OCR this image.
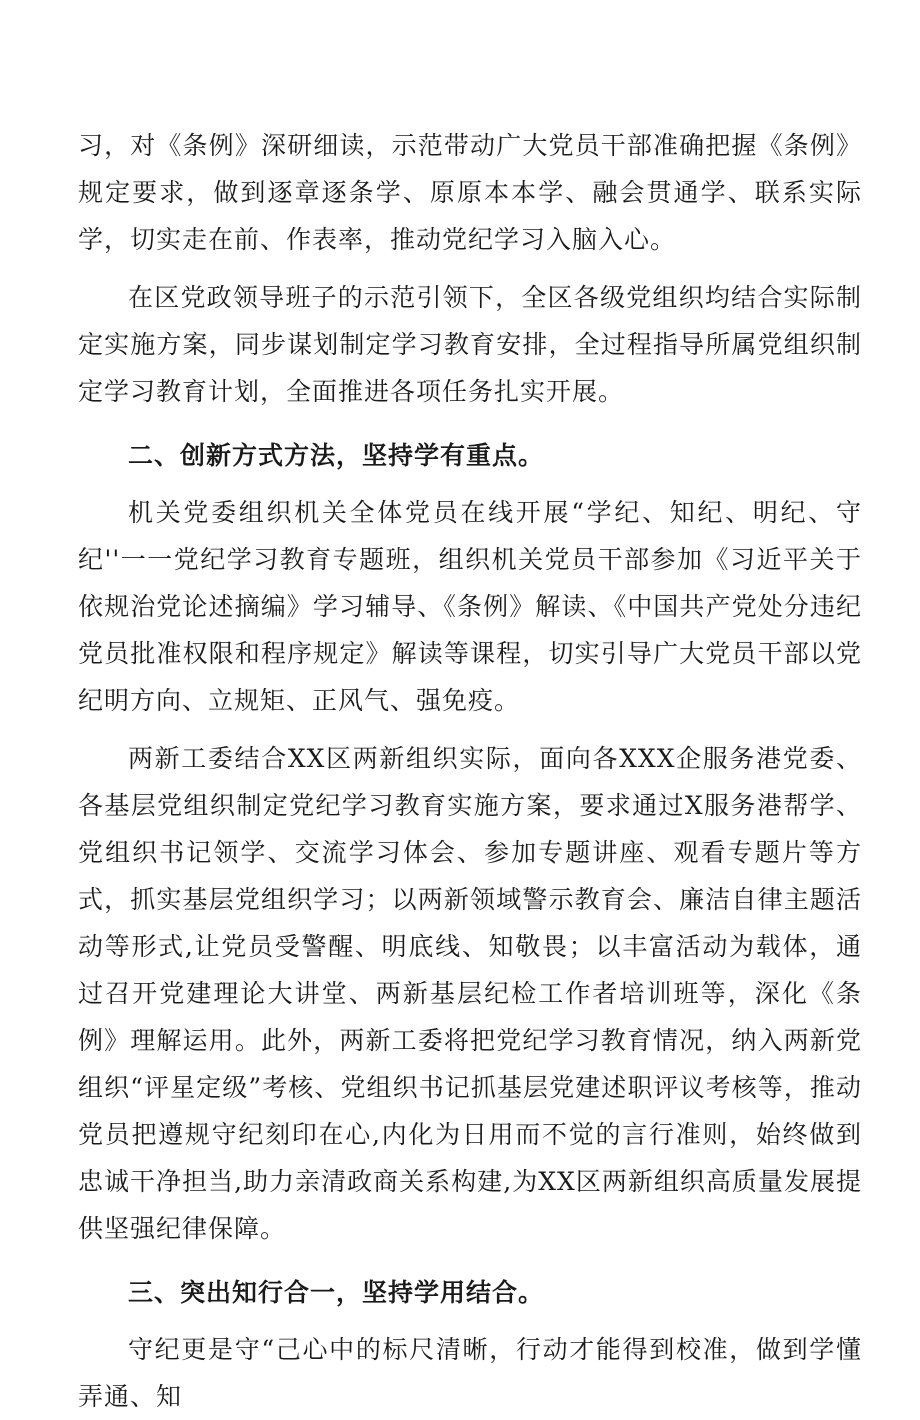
习，对《条例》深研细读，示范带动广大党员干部准确把握《条例》规定要求，做到逐章逐条学、原原本本学、融会贯通学、联系实际学，切实走在前、作表率，推动党纪学习入脑入心。

在区党政领导班子的示范引领下，全区各级党组织均结合实际制定实施方案，同步谋划制定学习教育安排，全过程指导所属党组织制定学习教育计划，全面推进各项任务扎实开展。

二、创新方式方法，坚持学有重点。

机关党委组织机关全体党员在线开展“学纪、知纪、明纪、守纪''一一党纪学习教育专题班，组织机关党员干部参加《习近平关于依规治党论述摘编》学习辅导、《条例》解读、《中国共产党处分违纪党员批准权限和程序规定》解读等课程，切实引导广大党员干部以党纪明方向、立规矩、正风气、强免疫。

两新工委结合XX区两新组织实际，面向各XXX企服务港党委、各基层党组织制定党纪学习教育实施方案，要求通过X服务港帮学、党组织书记领学、交流学习体会、参加专题讲座、观看专题片等方式，抓实基层党组织学习；以两新领域警示教育会、廉洁自律主题活动等形式,让党员受警醒、明底线、知敬畏；以丰富活动为载体，通过召开党建理论大讲堂、两新基层纪检工作者培训班等，深化《条例》理解运用。此外，两新工委将把党纪学习教育情况，纳入两新党组织“评星定级”考核、党组织书记抓基层党建述职评议考核等，推动党员把遵规守纪刻印在心,内化为日用而不觉的言行准则，始终做到忠诚干净担当,助力亲清政商关系构建,为XX区两新组织高质量发展提供坚强纪律保障。

三、突出知行合一，坚持学用结合。

守纪更是守“己心中的标尺清晰，行动才能得到校准，做到学懂弄通、知
